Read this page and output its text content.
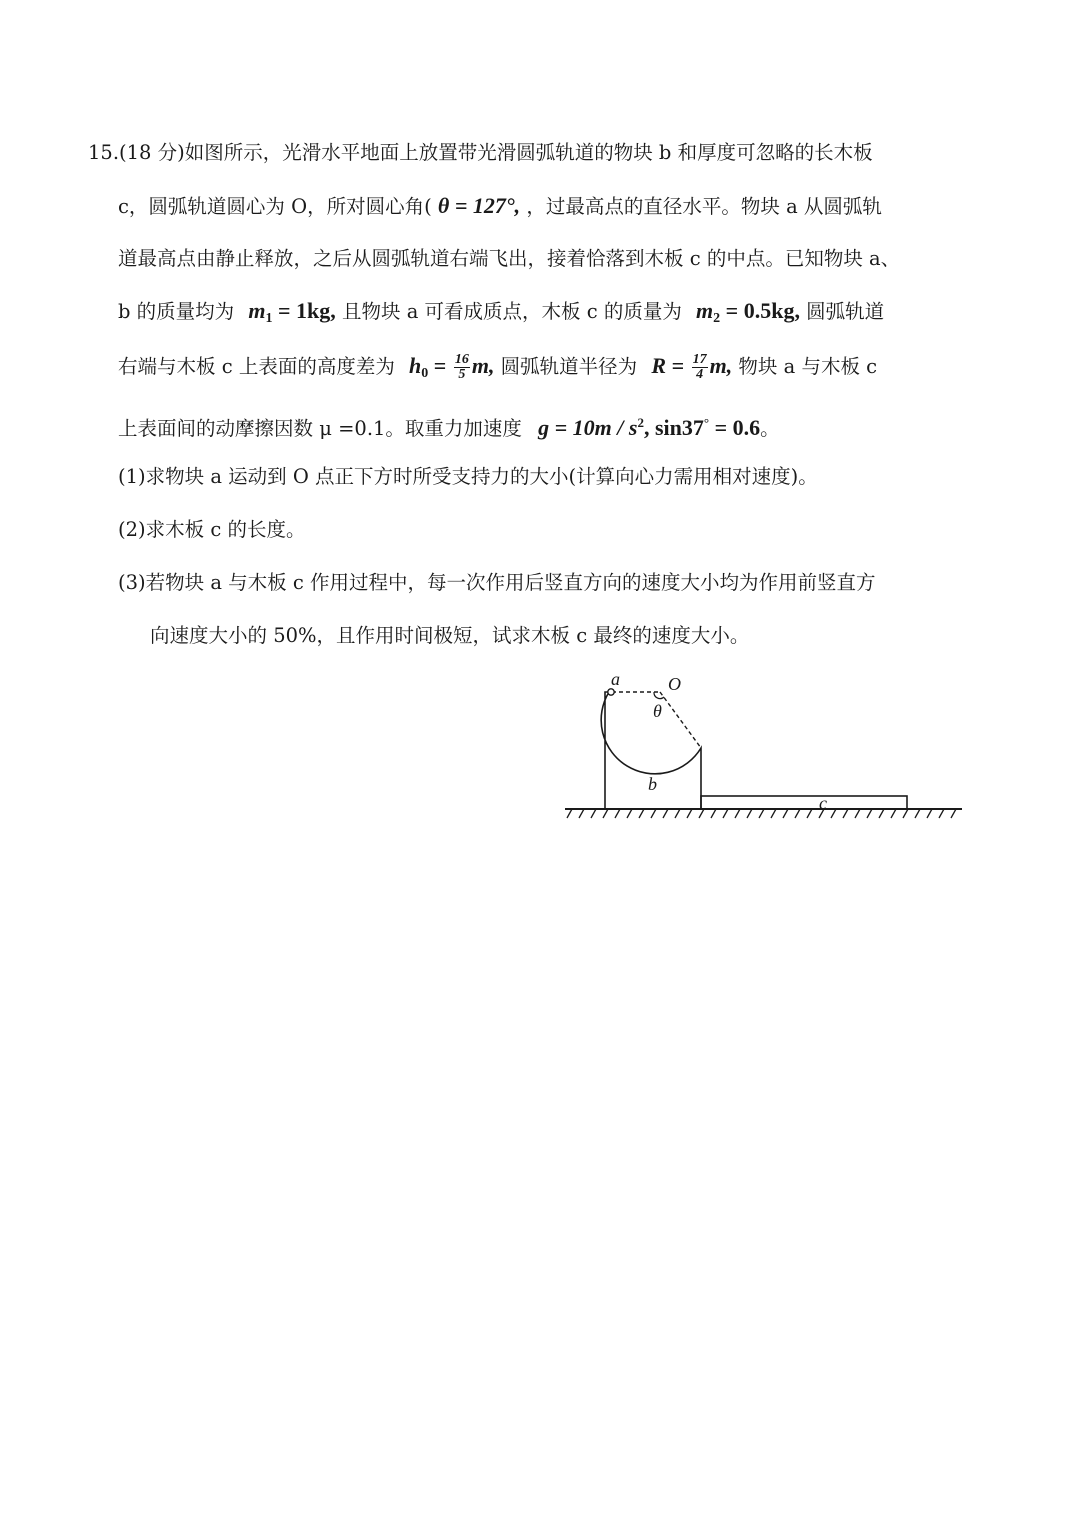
15.(18 分)如图所示，光滑水平地面上放置带光滑圆弧轨道的物块 b 和厚度可忽略的长木板
c，圆弧轨道圆心为 O，所对圆心角( θ = 127°, ，过最高点的直径水平。物块 a 从圆弧轨
道最高点由静止释放，之后从圆弧轨道右端飞出，接着恰落到木板 c 的中点。已知物块 a、
b 的质量均为 $m_1 = 1kg$, 且物块 a 可看成质点，木板 c 的质量为 $m_2 = 0.5kg$, 圆弧轨道
右端与木板 c 上表面的高度差为 $h_0 = \frac{16}{5} m$, 圆弧轨道半径为 $R = \frac{17}{4} m$, 物块 a 与木板 c
上表面间的动摩擦因数 μ =0.1。取重力加速度 $g = 10m / s^2$, sin37° = 0.6。
(1)求物块 a 运动到 O 点正下方时所受支持力的大小(计算向心力需用相对速度)。
(2)求木板 c 的长度。
(3)若物块 a 与木板 c 作用过程中，每一次作用后竖直方向的速度大小均为作用前竖直方
向速度大小的 50%，且作用时间极短，试求木板 c 最终的速度大小。
a	O
θ
b
c
